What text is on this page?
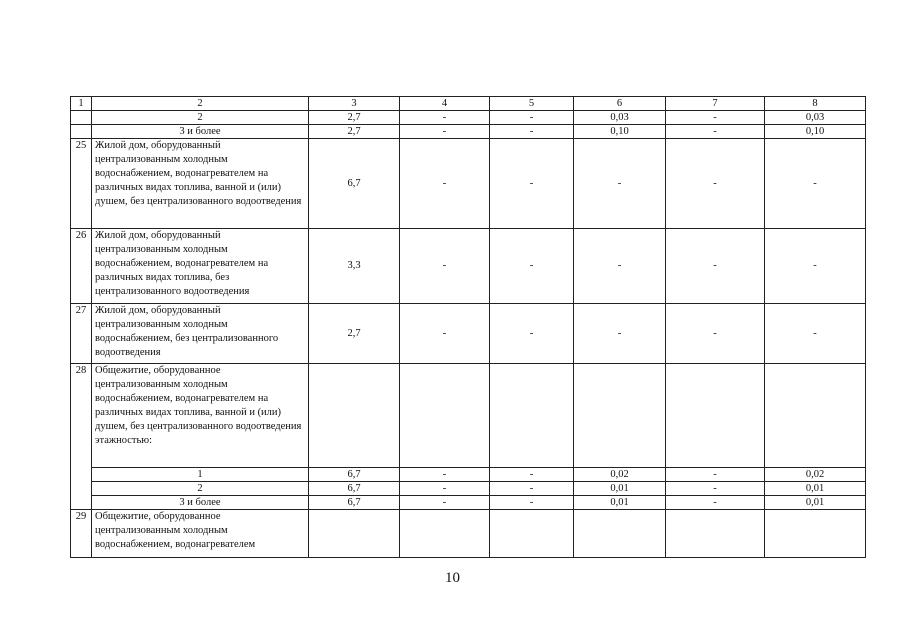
1	2	3	4	5	6	7	8
	2	2,7	-	-	0,03	-	0,03
	3 и более	2,7	-	-	0,10	-	0,10
25	Жилой дом, оборудованный централизованным холодным водоснабжением, водонагревателем на различных видах топлива, ванной и (или) душем, без централизованного водоотведения	6,7	-	-	-	-	-
26	Жилой дом, оборудованный централизованным холодным водоснабжением, водонагревателем на различных видах топлива, без централизованного водоотведения	3,3	-	-	-	-	-
27	Жилой дом, оборудованный централизованным холодным водоснабжением, без централизованного водоотведения	2,7	-	-	-	-	-
28	Общежитие, оборудованное централизованным холодным водоснабжением, водонагревателем на различных видах топлива, ванной и (или) душем, без централизованного водоотведения этажностью:						
	1	6,7	-	-	0,02	-	0,02
	2	6,7	-	-	0,01	-	0,01
	3 и более	6,7	-	-	0,01	-	0,01
29	Общежитие, оборудованное централизованным холодным водоснабжением, водонагревателем						
10
